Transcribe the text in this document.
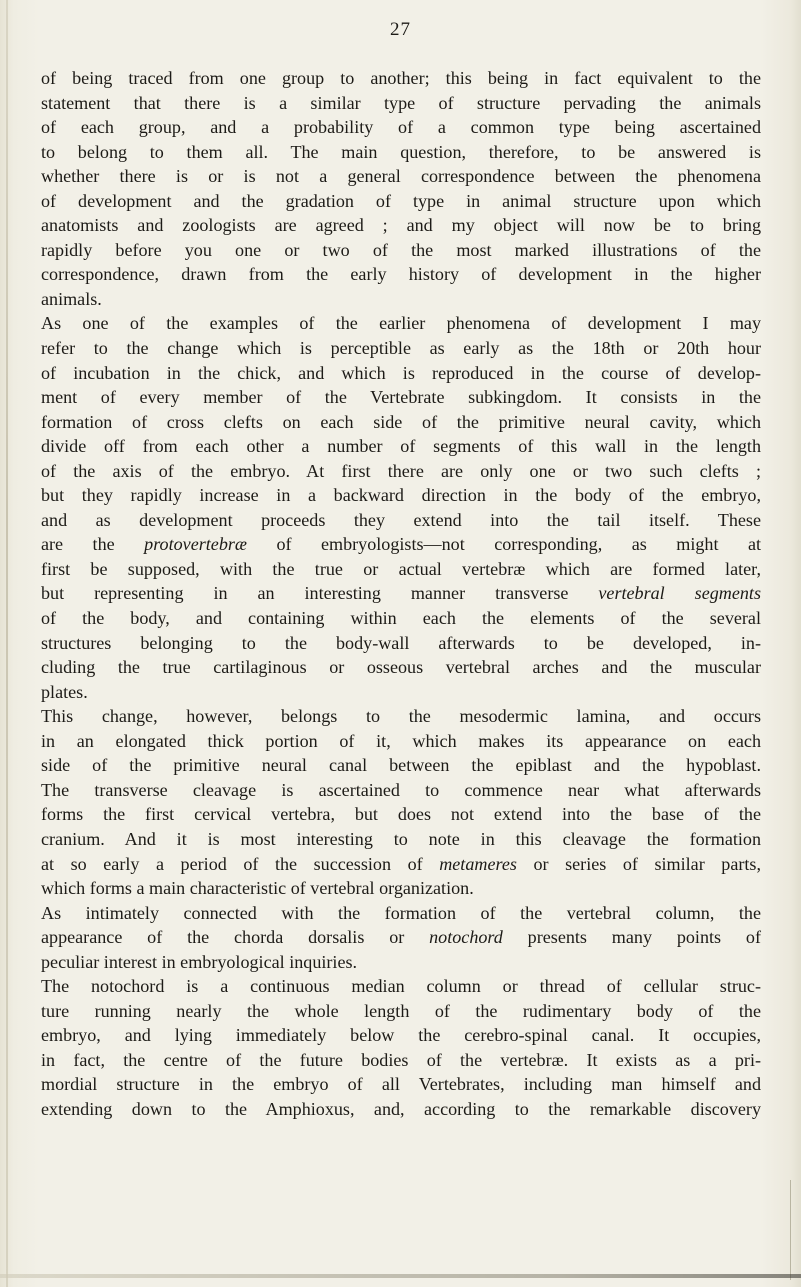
27
of being traced from one group to another; this being in fact equivalent to the
statement that there is a similar type of structure pervading the animals
of each group, and a probability of a common type being ascertained
to belong to them all. The main question, therefore, to be answered is
whether there is or is not a general correspondence between the phenomena
of development and the gradation of type in animal structure upon which
anatomists and zoologists are agreed ; and my object will now be to bring
rapidly before you one or two of the most marked illustrations of the
correspondence, drawn from the early history of development in the higher
animals.
As one of the examples of the earlier phenomena of development I may
refer to the change which is perceptible as early as the 18th or 20th hour
of incubation in the chick, and which is reproduced in the course of develop-
ment of every member of the Vertebrate subkingdom. It consists in the
formation of cross clefts on each side of the primitive neural cavity, which
divide off from each other a number of segments of this wall in the length
of the axis of the embryo. At first there are only one or two such clefts ;
but they rapidly increase in a backward direction in the body of the embryo,
and as development proceeds they extend into the tail itself. These
are the protovertebræ of embryologists—not corresponding, as might at
first be supposed, with the true or actual vertebræ which are formed later,
but representing in an interesting manner transverse vertebral segments
of the body, and containing within each the elements of the several
structures belonging to the body-wall afterwards to be developed, in-
cluding the true cartilaginous or osseous vertebral arches and the muscular
plates.
This change, however, belongs to the mesodermic lamina, and occurs
in an elongated thick portion of it, which makes its appearance on each
side of the primitive neural canal between the epiblast and the hypoblast.
The transverse cleavage is ascertained to commence near what afterwards
forms the first cervical vertebra, but does not extend into the base of the
cranium. And it is most interesting to note in this cleavage the formation
at so early a period of the succession of metameres or series of similar parts,
which forms a main characteristic of vertebral organization.
As intimately connected with the formation of the vertebral column, the
appearance of the chorda dorsalis or notochord presents many points of
peculiar interest in embryological inquiries.
The notochord is a continuous median column or thread of cellular struc-
ture running nearly the whole length of the rudimentary body of the
embryo, and lying immediately below the cerebro-spinal canal. It occupies,
in fact, the centre of the future bodies of the vertebræ. It exists as a pri-
mordial structure in the embryo of all Vertebrates, including man himself and
extending down to the Amphioxus, and, according to the remarkable discovery
